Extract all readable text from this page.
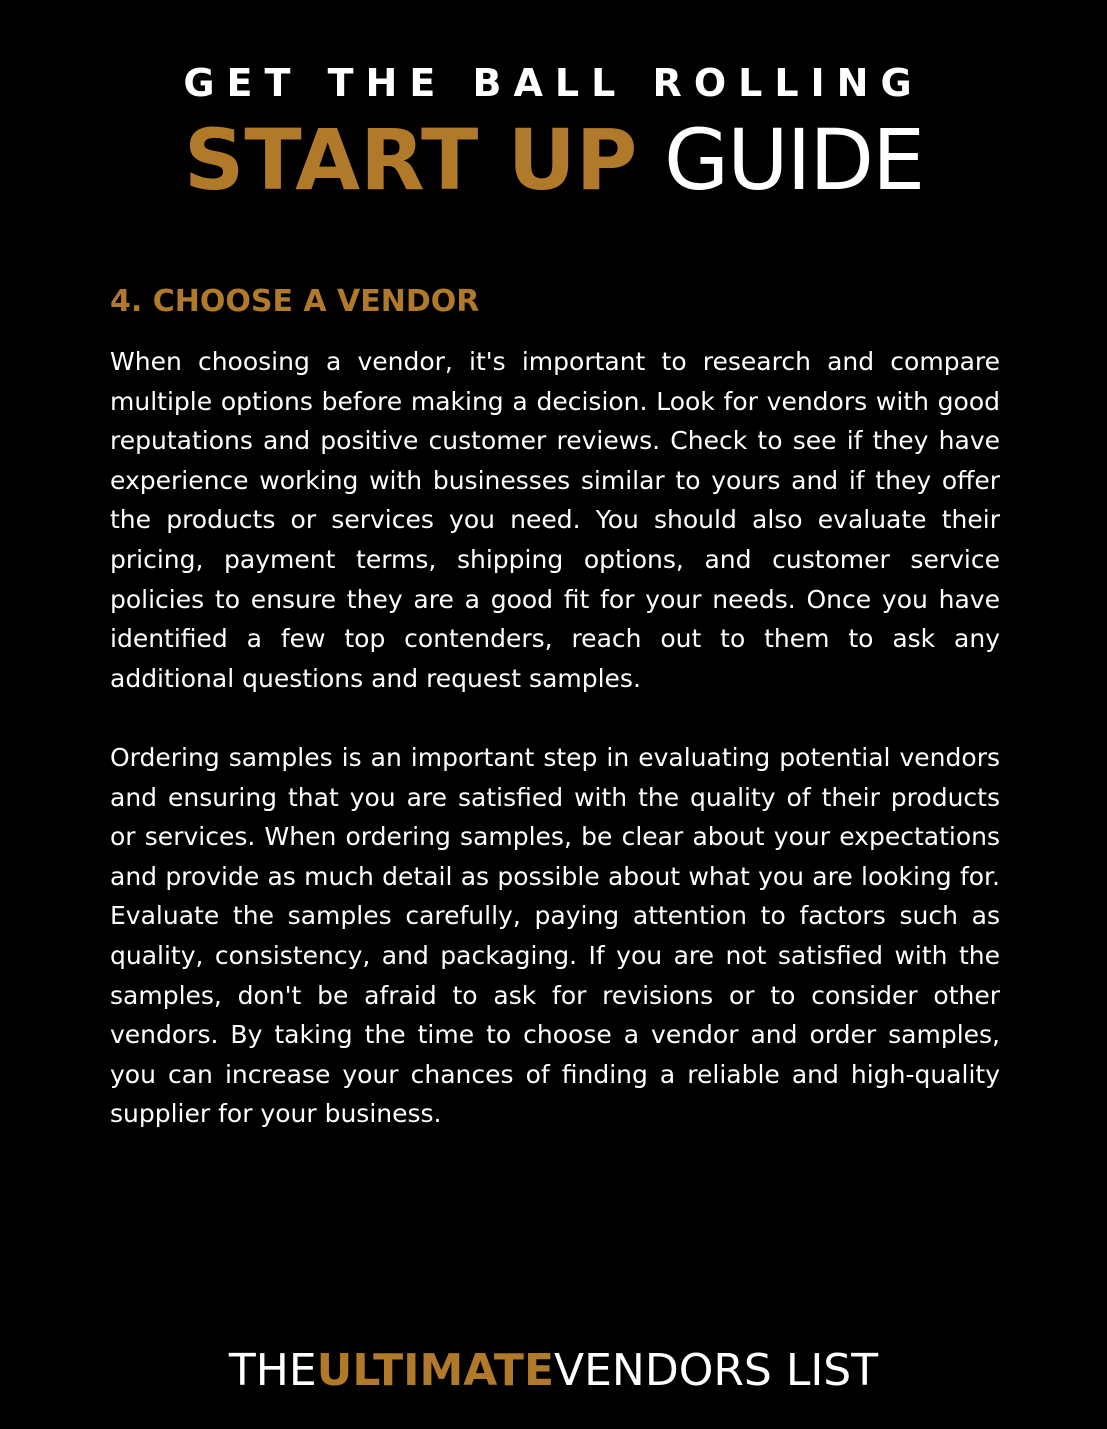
GET THE BALL ROLLING
START UP GUIDE
4. CHOOSE A VENDOR

When choosing a vendor, it's important to research and compare multiple options before making a decision. Look for vendors with good reputations and positive customer reviews. Check to see if they have experience working with businesses similar to yours and if they offer the products or services you need. You should also evaluate their pricing, payment terms, shipping options, and customer service policies to ensure they are a good fit for your needs. Once you have identified a few top contenders, reach out to them to ask any additional questions and request samples.

Ordering samples is an important step in evaluating potential vendors and ensuring that you are satisfied with the quality of their products or services. When ordering samples, be clear about your expectations and provide as much detail as possible about what you are looking for. Evaluate the samples carefully, paying attention to factors such as quality, consistency, and packaging. If you are not satisfied with the samples, don't be afraid to ask for revisions or to consider other vendors. By taking the time to choose a vendor and order samples, you can increase your chances of finding a reliable and high-quality supplier for your business.

THEULTIMATEVENDORS LIST
